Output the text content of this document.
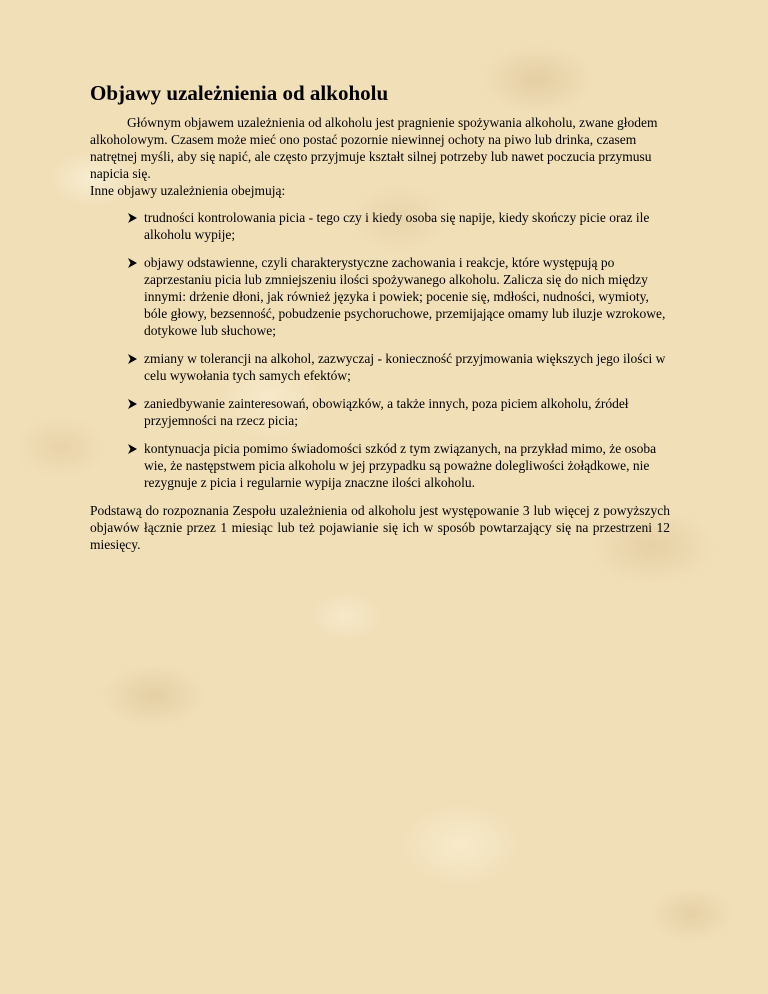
Objawy uzależnienia od alkoholu

Głównym objawem uzależnienia od alkoholu jest pragnienie spożywania alkoholu, zwane głodem alkoholowym. Czasem może mieć ono postać pozornie niewinnej ochoty na piwo lub drinka, czasem natrętnej myśli, aby się napić, ale często przyjmuje kształt silnej potrzeby lub nawet poczucia przymusu napicia się.

Inne objawy uzależnienia obejmują:

trudności kontrolowania picia - tego czy i kiedy osoba się napije, kiedy skończy picie oraz ile alkoholu wypije;
objawy odstawienne, czyli charakterystyczne zachowania i reakcje, które występują po zaprzestaniu picia lub zmniejszeniu ilości spożywanego alkoholu. Zalicza się do nich między innymi: drżenie dłoni, jak również języka i powiek; pocenie się, mdłości, nudności, wymioty, bóle głowy, bezsenność, pobudzenie psychoruchowe, przemijające omamy lub iluzje wzrokowe, dotykowe lub słuchowe;
zmiany w tolerancji na alkohol, zazwyczaj - konieczność przyjmowania większych jego ilości w celu wywołania tych samych efektów;
zaniedbywanie zainteresowań, obowiązków, a także innych, poza piciem alkoholu, źródeł przyjemności na rzecz picia;
kontynuacja picia pomimo świadomości szkód z tym związanych, na przykład mimo, że osoba wie, że następstwem picia alkoholu w jej przypadku są poważne dolegliwości żołądkowe, nie rezygnuje z picia i regularnie wypija znaczne ilości alkoholu.

Podstawą do rozpoznania Zespołu uzależnienia od alkoholu jest występowanie 3 lub więcej z powyższych objawów łącznie przez 1 miesiąc lub też pojawianie się ich w sposób powtarzający się na przestrzeni 12 miesięcy.
